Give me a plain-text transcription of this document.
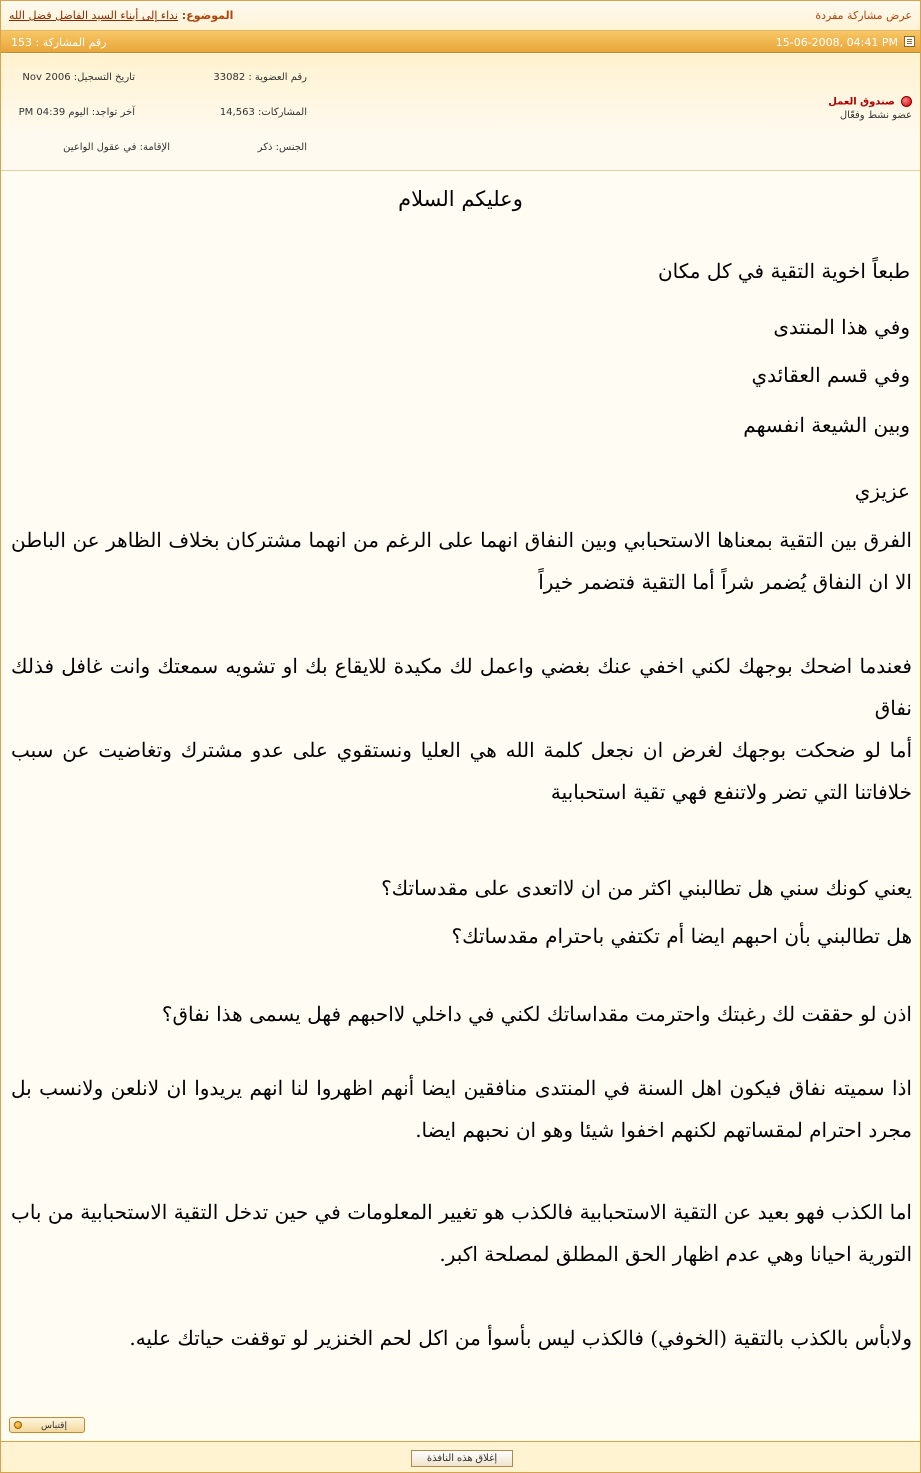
عرض مشاركة مفردة
الموضوع: نداء إلى أبناء السيد الفاضل فضل الله
15-06-2008, 04:41 PM
رقم المشاركة : 153
صندوق العمل
عضو نشط وفعّال
رقم العضوية : 33082
تاريخ التسجيل: Nov 2006
المشاركات: 14,563
آخر تواجد: اليوم 04:39 PM
الجنس: ذكر
الإقامة: في عقول الواعين
وعليكم السلام
طبعاً اخوية التقية في كل مكان
وفي هذا المنتدى
وفي قسم العقائدي
وبين الشيعة انفسهم
عزيزي
الفرق بين التقية بمعناها الاستحبابي وبين النفاق انهما على الرغم من انهما مشتركان بخلاف الظاهر عن الباطن الا ان النفاق يُضمر شراً أما التقية فتضمر خيراً
فعندما اضحك بوجهك لكني اخفي عنك بغضي واعمل لك مكيدة للايقاع بك او تشويه سمعتك وانت غافل فذلك نفاق
أما لو ضحكت بوجهك لغرض ان نجعل كلمة الله هي العليا ونستقوي على عدو مشترك وتغاضيت عن سبب خلافاتنا التي تضر ولاتنفع فهي تقية استحبابية
يعني كونك سني هل تطالبني اكثر من ان لااتعدى على مقدساتك؟
هل تطالبني بأن احبهم ايضا أم تكتفي باحترام مقدساتك؟
اذن لو حققت لك رغبتك واحترمت مقداساتك لكني في داخلي لااحبهم فهل يسمى هذا نفاق؟
اذا سميته نفاق فيكون اهل السنة في المنتدى منافقين ايضا أنهم اظهروا لنا انهم يريدوا ان لانلعن ولانسب بل مجرد احترام لمقساتهم لكنهم اخفوا شيئا وهو ان نحبهم ايضا.
اما الكذب فهو بعيد عن التقية الاستحبابية فالكذب هو تغيير المعلومات في حين تدخل التقية الاستحبابية من باب التورية احيانا وهي عدم اظهار الحق المطلق لمصلحة اكبر.
ولابأس بالكذب بالتقية (الخوفي) فالكذب ليس بأسوأ من اكل لحم الخنزير لو توقفت حياتك عليه.
إقتباس
إغلاق هذه النافذة
